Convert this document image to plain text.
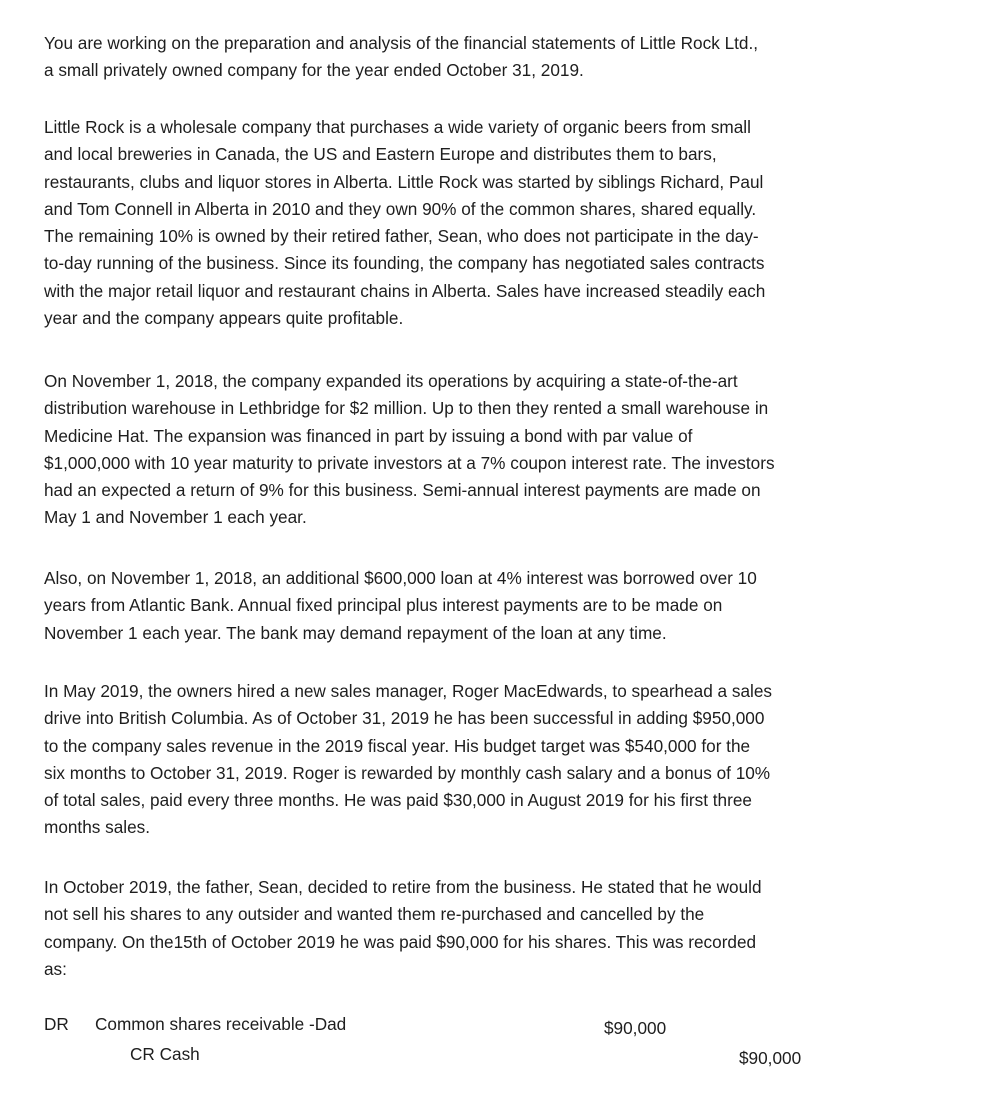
You are working on the preparation and analysis of the financial statements of Little Rock Ltd.,
a small privately owned company for the year ended October 31, 2019.

Little Rock is a wholesale company that purchases a wide variety of organic beers from small
and local breweries in Canada, the US and Eastern Europe and distributes them to bars,
restaurants, clubs and liquor stores in Alberta. Little Rock was started by siblings Richard, Paul
and Tom Connell in Alberta in 2010 and they own 90% of the common shares, shared equally.
The remaining 10% is owned by their retired father, Sean, who does not participate in the day-
to-day running of the business. Since its founding, the company has negotiated sales contracts
with the major retail liquor and restaurant chains in Alberta. Sales have increased steadily each
year and the company appears quite profitable.

On November 1, 2018, the company expanded its operations by acquiring a state-of-the-art
distribution warehouse in Lethbridge for $2 million. Up to then they rented a small warehouse in
Medicine Hat. The expansion was financed in part by issuing a bond with par value of
$1,000,000 with 10 year maturity to private investors at a 7% coupon interest rate. The investors
had an expected a return of 9% for this business. Semi-annual interest payments are made on
May 1 and November 1 each year.

Also, on November 1, 2018, an additional $600,000 loan at 4% interest was borrowed over 10
years from Atlantic Bank. Annual fixed principal plus interest payments are to be made on
November 1 each year. The bank may demand repayment of the loan at any time.

In May 2019, the owners hired a new sales manager, Roger MacEdwards, to spearhead a sales
drive into British Columbia. As of October 31, 2019 he has been successful in adding $950,000
to the company sales revenue in the 2019 fiscal year. His budget target was $540,000 for the
six months to October 31, 2019. Roger is rewarded by monthly cash salary and a bonus of 10%
of total sales, paid every three months. He was paid $30,000 in August 2019 for his first three
months sales.

In October 2019, the father, Sean, decided to retire from the business. He stated that he would
not sell his shares to any outsider and wanted them re-purchased and cancelled by the
company. On the15th of October 2019 he was paid $90,000 for his shares. This was recorded
as:

DR Common shares receivable -Dad	$90,000
CR Cash	$90,000
